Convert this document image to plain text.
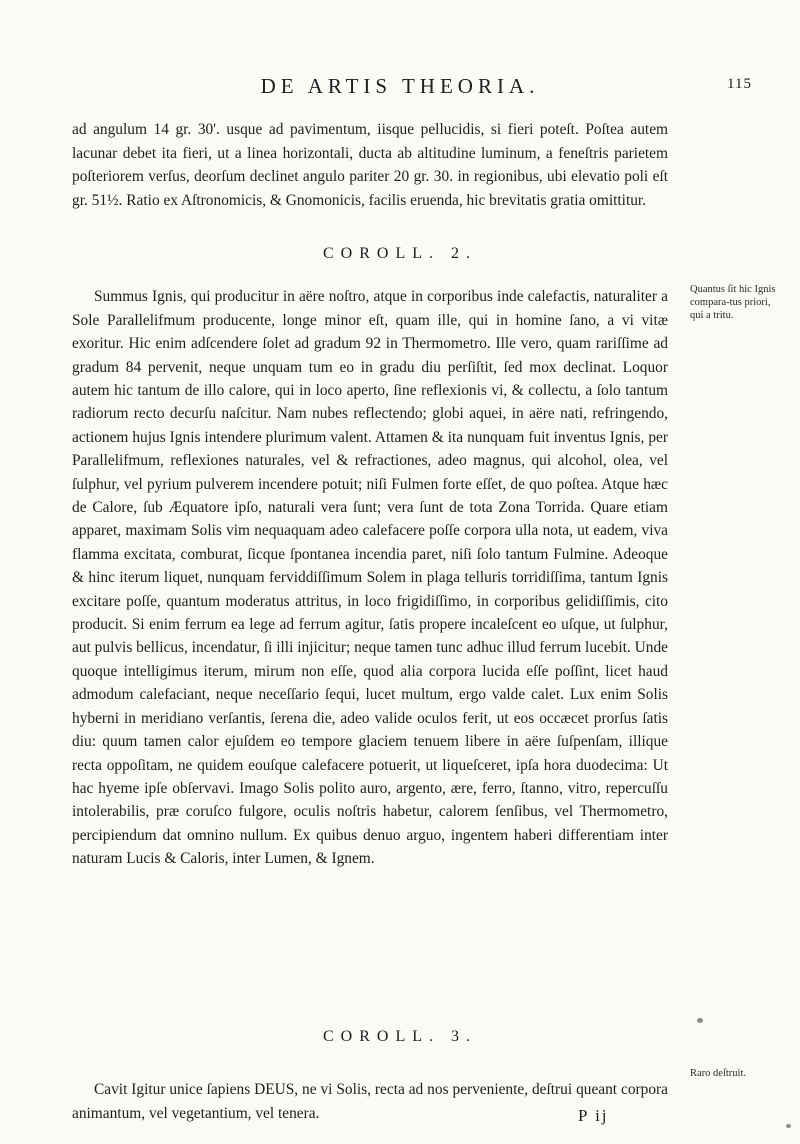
DE ARTIS THEORIA.	115

ad angulum 14 gr. 30'. usque ad pavimentum, iisque pellucidis, si fieri poteſt. Poſtea autem lacunar debet ita fieri, ut a linea horizontali, ducta ab altitudine luminum, a feneſtris parietem poſteriorem verſus, deorſum declinet angulo pariter 20 gr. 30. in regionibus, ubi elevatio poli eſt gr. 51½. Ratio ex Aſtronomicis, & Gnomonicis, facilis eruenda, hic brevitatis gratia omittitur.

COROLL. 2.

Summus Ignis, qui producitur in aëre noſtro, atque in corporibus inde calefactis, naturaliter a Sole Parallelifmum producente, longe minor eſt, quam ille, qui in homine ſano, a vi vitæ exoritur. Hic enim adſcendere ſolet ad gradum 92 in Thermometro. Ille vero, quam rariſſime ad gradum 84 pervenit, neque unquam tum eo in gradu diu perſiſtit, ſed mox declinat. Loquor autem hic tantum de illo calore, qui in loco aperto, ſine reflexionis vi, & collectu, a ſolo tantum radiorum recto decurſu naſcitur. Nam nubes reflectendo; globi aquei, in aëre nati, refringendo, actionem hujus Ignis intendere plurimum valent. Attamen & ita nunquam fuit inventus Ignis, per Parallelifmum, reflexiones naturales, vel & refractiones, adeo magnus, qui alcohol, olea, vel ſulphur, vel pyrium pulverem incendere potuit; niſi Fulmen forte eſſet, de quo poſtea. Atque hæc de Calore, ſub Æquatore ipſo, naturali vera ſunt; vera ſunt de tota Zona Torrida. Quare etiam apparet, maximam Solis vim nequaquam adeo calefacere poſſe corpora ulla nota, ut eadem, viva flamma excitata, comburat, ſicque ſpontanea incendia paret, niſi ſolo tantum Fulmine. Adeoque & hinc iterum liquet, nunquam ferviddiſſimum Solem in plaga telluris torridiſſima, tantum Ignis excitare poſſe, quantum moderatus attritus, in loco frigidiſſimo, in corporibus gelidiſſimis, cito producit. Si enim ferrum ea lege ad ferrum agitur, ſatis propere incaleſcent eo uſque, ut ſulphur, aut pulvis bellicus, incendatur, ſi illi injicitur; neque tamen tunc adhuc illud ferrum lucebit. Unde quoque intelligimus iterum, mirum non eſſe, quod alia corpora lucida eſſe poſſint, licet haud admodum calefaciant, neque neceſſario ſequi, lucet multum, ergo valde calet. Lux enim Solis hyberni in meridiano verſantis, ſerena die, adeo valide oculos ferit, ut eos occæcet prorſus ſatis diu: quum tamen calor ejuſdem eo tempore glaciem tenuem libere in aëre ſuſpenſam, illique recta oppoſitam, ne quidem eouſque calefacere potuerit, ut liqueſceret, ipſa hora duodecima: Ut hac hyeme ipſe obſervavi. Imago Solis polito auro, argento, ære, ferro, ſtanno, vitro, repercuſſu intolerabilis, præ coruſco fulgore, oculis noſtris habetur, calorem ſenſibus, vel Thermometro, percipiendum dat omnino nullum. Ex quibus denuo arguo, ingentem haberi differentiam inter naturam Lucis & Caloris, inter Lumen, & Ignem.

Quantus ſit hic Ignis compara-tus priori, qui a tritu.
COROLL. 3.

Cavit Igitur unice ſapiens DEUS, ne vi Solis, recta ad nos perveniente, deſtrui queant corpora animantum, vel vegetantium, vel tenera.

Raro deſtruit.
P ij
